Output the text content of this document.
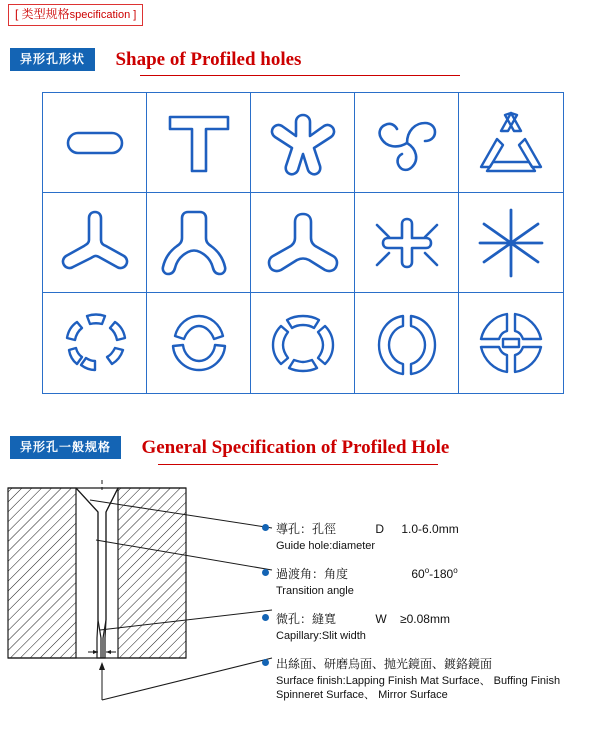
[ 类型规格specification ]
异形孔形状 Shape of Profiled holes
异形孔一般规格 General Specification of Profiled Hole
導孔：孔徑	D 1.0-6.0mm
Guide hole:diameter
過渡角：角度	60$^o$-180$^o$
Transition angle
微孔：縫寬	W ≥0.08mm
Capillary:Slit width
出絲面、研磨烏面、抛光鏡面、鍍鉻鏡面
Surface finish:Lapping Finish Mat Surface、 Buffing Finish Spinneret Surface、 Mirror Surface
